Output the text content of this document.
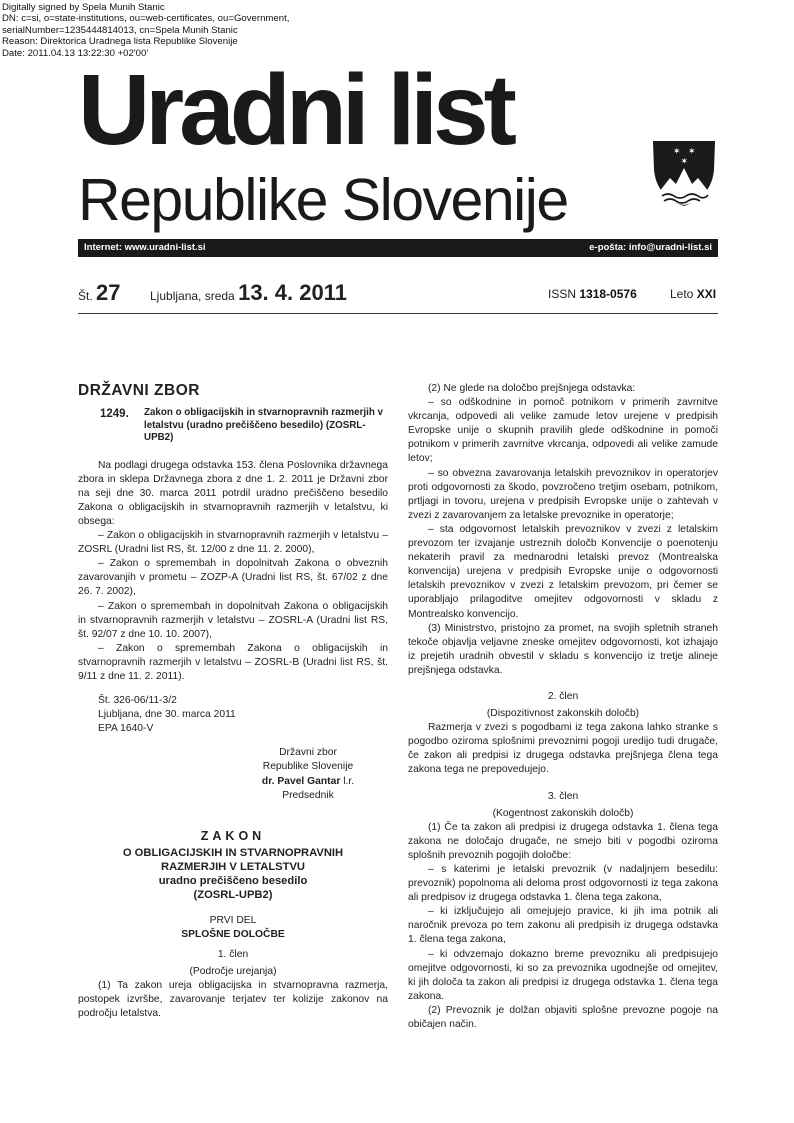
Digitally signed by Spela Munih Stanic
DN: c=si, o=state-institutions, ou=web-certificates, ou=Government,
serialNumber=1235444814013, cn=Spela Munih Stanic
Reason: Direktorica Uradnega lista Republike Slovenije
Date: 2011.04.13 13:22:30 +02'00'
Uradni list
Republike Slovenije
✶ ✶
✶
Internet: www.uradni-list.si	e-pošta: info@uradni-list.si
Št. 27 Ljubljana, sreda 13. 4. 2011	ISSN 1318-0576	Leto XXI

DRŽAVNI ZBOR

1249.	Zakon o obligacijskih in stvarnopravnih razmerjih v letalstvu (uradno prečiščeno besedilo) (ZOSRL-UPB2)

Na podlagi drugega odstavka 153. člena Poslovnika državnega zbora in sklepa Državnega zbora z dne 1. 2. 2011 je Državni zbor na seji dne 30. marca 2011 potrdil uradno prečiščeno besedilo Zakona o obligacijskih in stvarnopravnih razmerjih v letalstvu, ki obsega:

– Zakon o obligacijskih in stvarnopravnih razmerjih v letalstvu – ZOSRL (Uradni list RS, št. 12/00 z dne 11. 2. 2000),

– Zakon o spremembah in dopolnitvah Zakona o obveznih zavarovanjih v prometu – ZOZP-A (Uradni list RS, št. 67/02 z dne 26. 7. 2002),

– Zakon o spremembah in dopolnitvah Zakona o obligacijskih in stvarnopravnih razmerjih v letalstvu – ZOSRL-A (Uradni list RS, št. 92/07 z dne 10. 10. 2007),

– Zakon o spremembah Zakona o obligacijskih in stvarnopravnih razmerjih v letalstvu – ZOSRL-B (Uradni list RS, št. 9/11 z dne 11. 2. 2011).

Št. 326-06/11-3/2

Ljubljana, dne 30. marca 2011

EPA 1640-V

Državni zbor

Republike Slovenije

dr. Pavel Gantar l.r.

Predsednik

ZAKON

O OBLIGACIJSKIH IN STVARNOPRAVNIH

RAZMERJIH V LETALSTVU

uradno prečiščeno besedilo

(ZOSRL-UPB2)

PRVI DEL

SPLOŠNE DOLOČBE

1. člen

(Področje urejanja)

(1) Ta zakon ureja obligacijska in stvarnopravna razmerja, postopek izvršbe, zavarovanje terjatev ter kolizije zakonov na področju letalstva.

(2) Ne glede na določbo prejšnjega odstavka:

– so odškodnine in pomoč potnikom v primerih zavrnitve vkrcanja, odpovedi ali velike zamude letov urejene v predpisih Evropske unije o skupnih pravilih glede odškodnine in pomoči potnikom v primerih zavrnitve vkrcanja, odpovedi ali velike zamude letov;

– so obvezna zavarovanja letalskih prevoznikov in operatorjev proti odgovornosti za škodo, povzročeno tretjim osebam, potnikom, prtljagi in tovoru, urejena v predpisih Evropske unije o zahtevah v zvezi z zavarovanjem za letalske prevoznike in operatorje;

– sta odgovornost letalskih prevoznikov v zvezi z letalskim prevozom ter izvajanje ustreznih določb Konvencije o poenotenju nekaterih pravil za mednarodni letalski prevoz (Montrealska konvencija) urejena v predpisih Evropske unije o odgovornosti letalskih prevoznikov v zvezi z letalskim prevozom, pri čemer se uporabljajo prilagoditve omejitev odgovornosti v skladu z Montrealsko konvencijo.

(3) Ministrstvo, pristojno za promet, na svojih spletnih straneh tekoče objavlja veljavne zneske omejitev odgovornosti, kot izhajajo iz prejetih uradnih obvestil v skladu s konvencijo iz tretje alineje prejšnjega odstavka.

2. člen

(Dispozitivnost zakonskih določb)

Razmerja v zvezi s pogodbami iz tega zakona lahko stranke s pogodbo oziroma splošnimi prevoznimi pogoji uredijo tudi drugače, če zakon ali predpisi iz drugega odstavka prejšnjega člena tega zakona tega ne prepovedujejo.

3. člen

(Kogentnost zakonskih določb)

(1) Če ta zakon ali predpisi iz drugega odstavka 1. člena tega zakona ne določajo drugače, ne smejo biti v pogodbi oziroma splošnih prevoznih pogojih določbe:

– s katerimi je letalski prevoznik (v nadaljnjem besedilu: prevoznik) popolnoma ali deloma prost odgovornosti iz tega zakona ali predpisov iz drugega odstavka 1. člena tega zakona,

– ki izključujejo ali omejujejo pravice, ki jih ima potnik ali naročnik prevoza po tem zakonu ali predpisih iz drugega odstavka 1. člena tega zakona,

– ki odvzemajo dokazno breme prevozniku ali predpisujejo omejitve odgovornosti, ki so za prevoznika ugodnejše od omejitev, ki jih določa ta zakon ali predpisi iz drugega odstavka 1. člena tega zakona.

(2) Prevoznik je dolžan objaviti splošne prevozne pogoje na običajen način.
